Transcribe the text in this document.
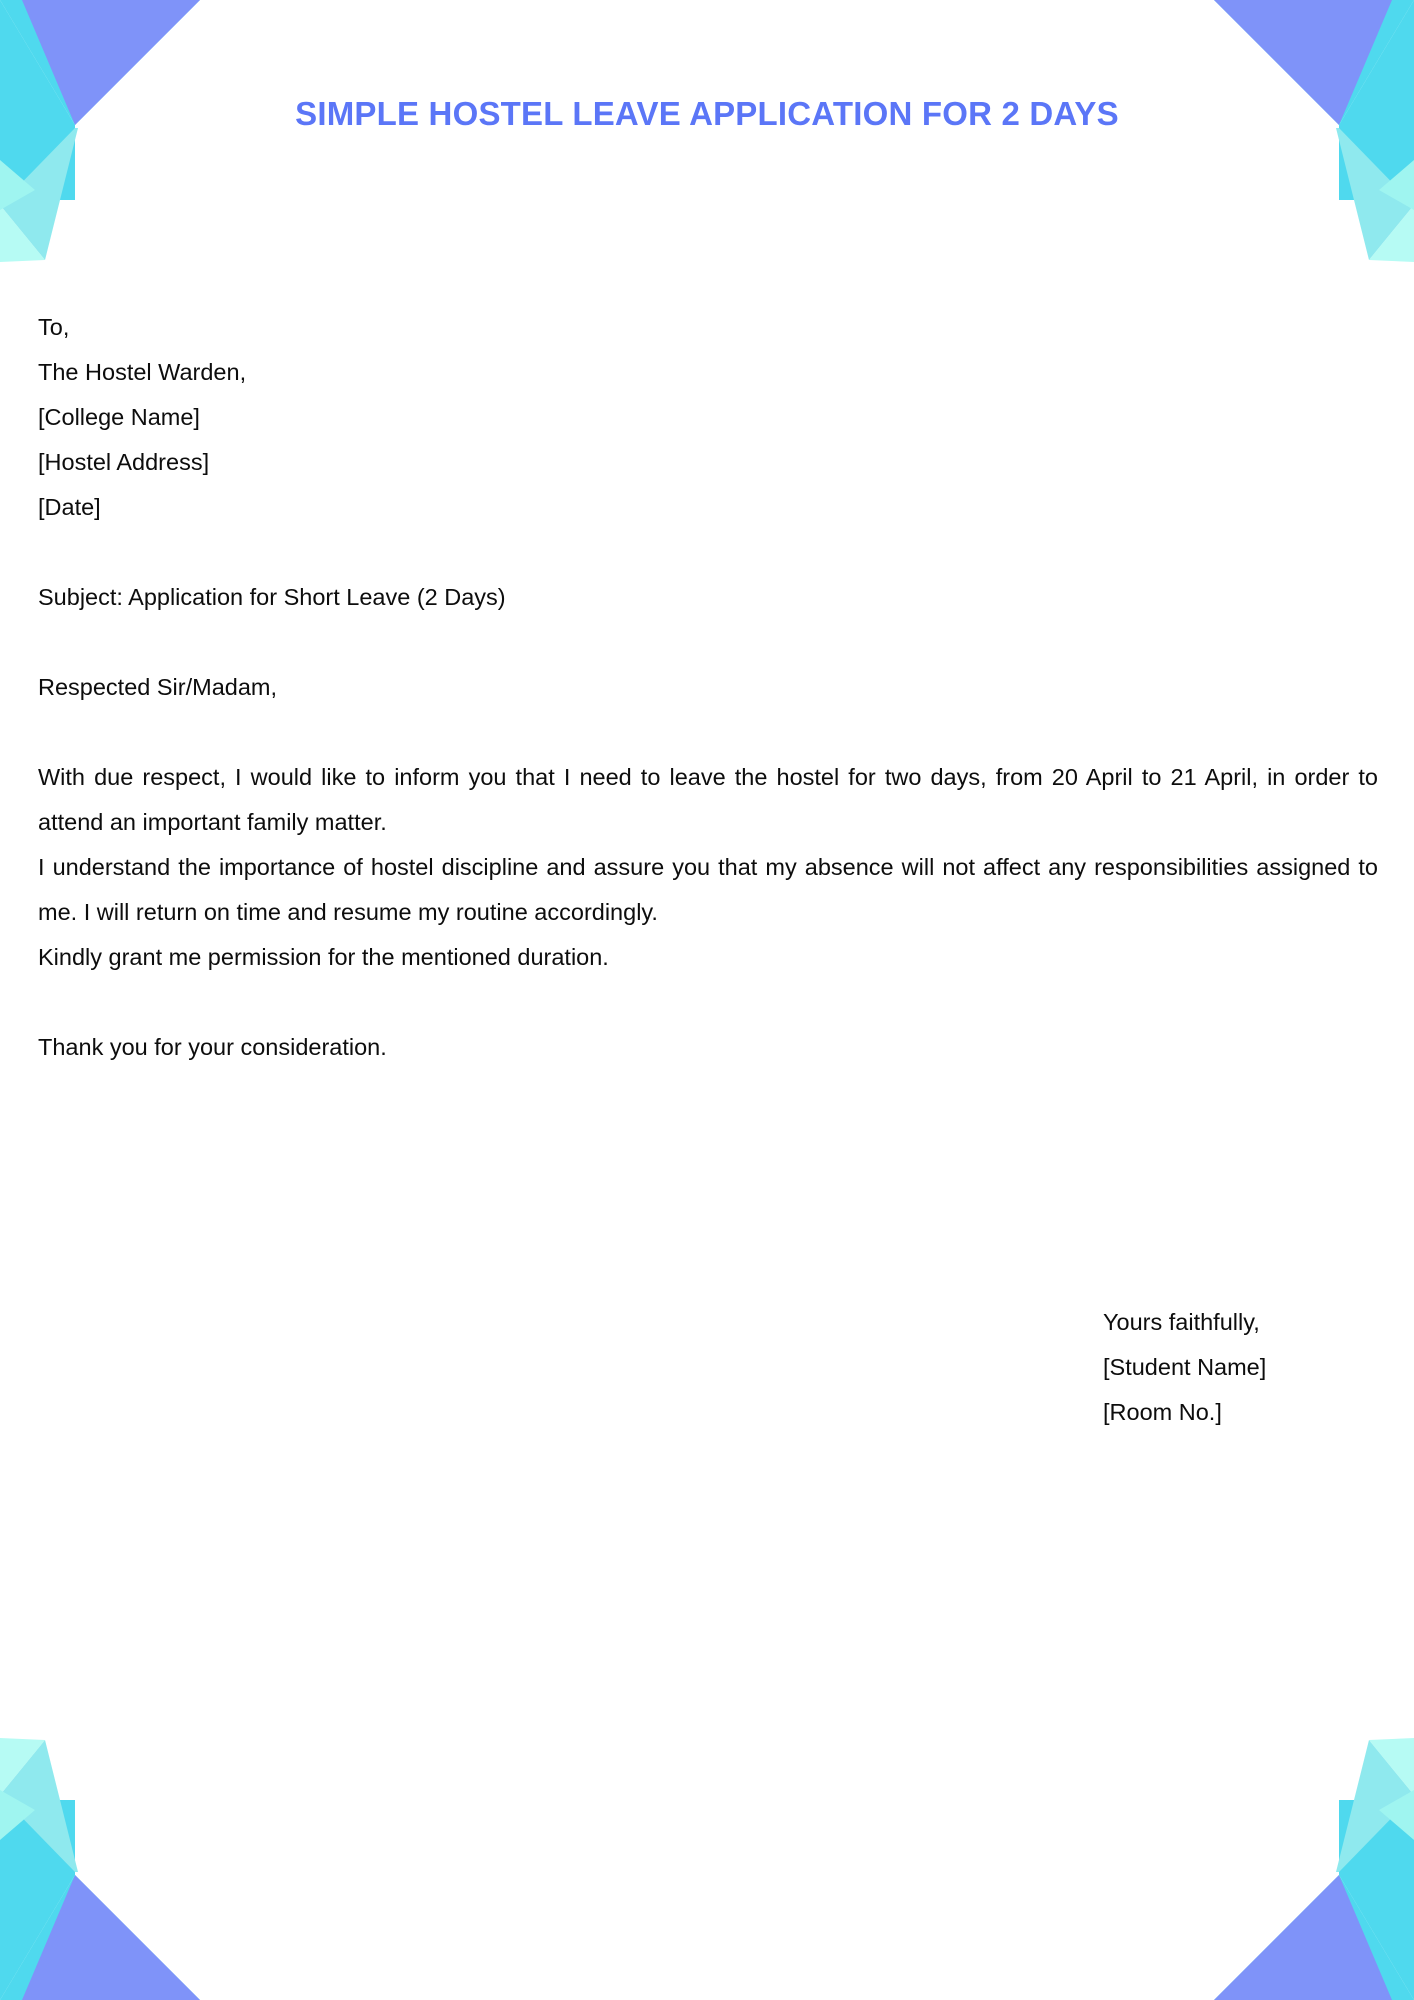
SIMPLE HOSTEL LEAVE APPLICATION FOR 2 DAYS
To,
The Hostel Warden,
[College Name]
[Hostel Address]
[Date]
Subject: Application for Short Leave (2 Days)
Respected Sir/Madam,

With due respect, I would like to inform you that I need to leave the hostel for two days, from 20 April to 21 April, in order to attend an important family matter.

I understand the importance of hostel discipline and assure you that my absence will not affect any responsibilities assigned to me. I will return on time and resume my routine accordingly.

Kindly grant me permission for the mentioned duration.

Thank you for your consideration.
Yours faithfully,
[Student Name]
[Room No.]
